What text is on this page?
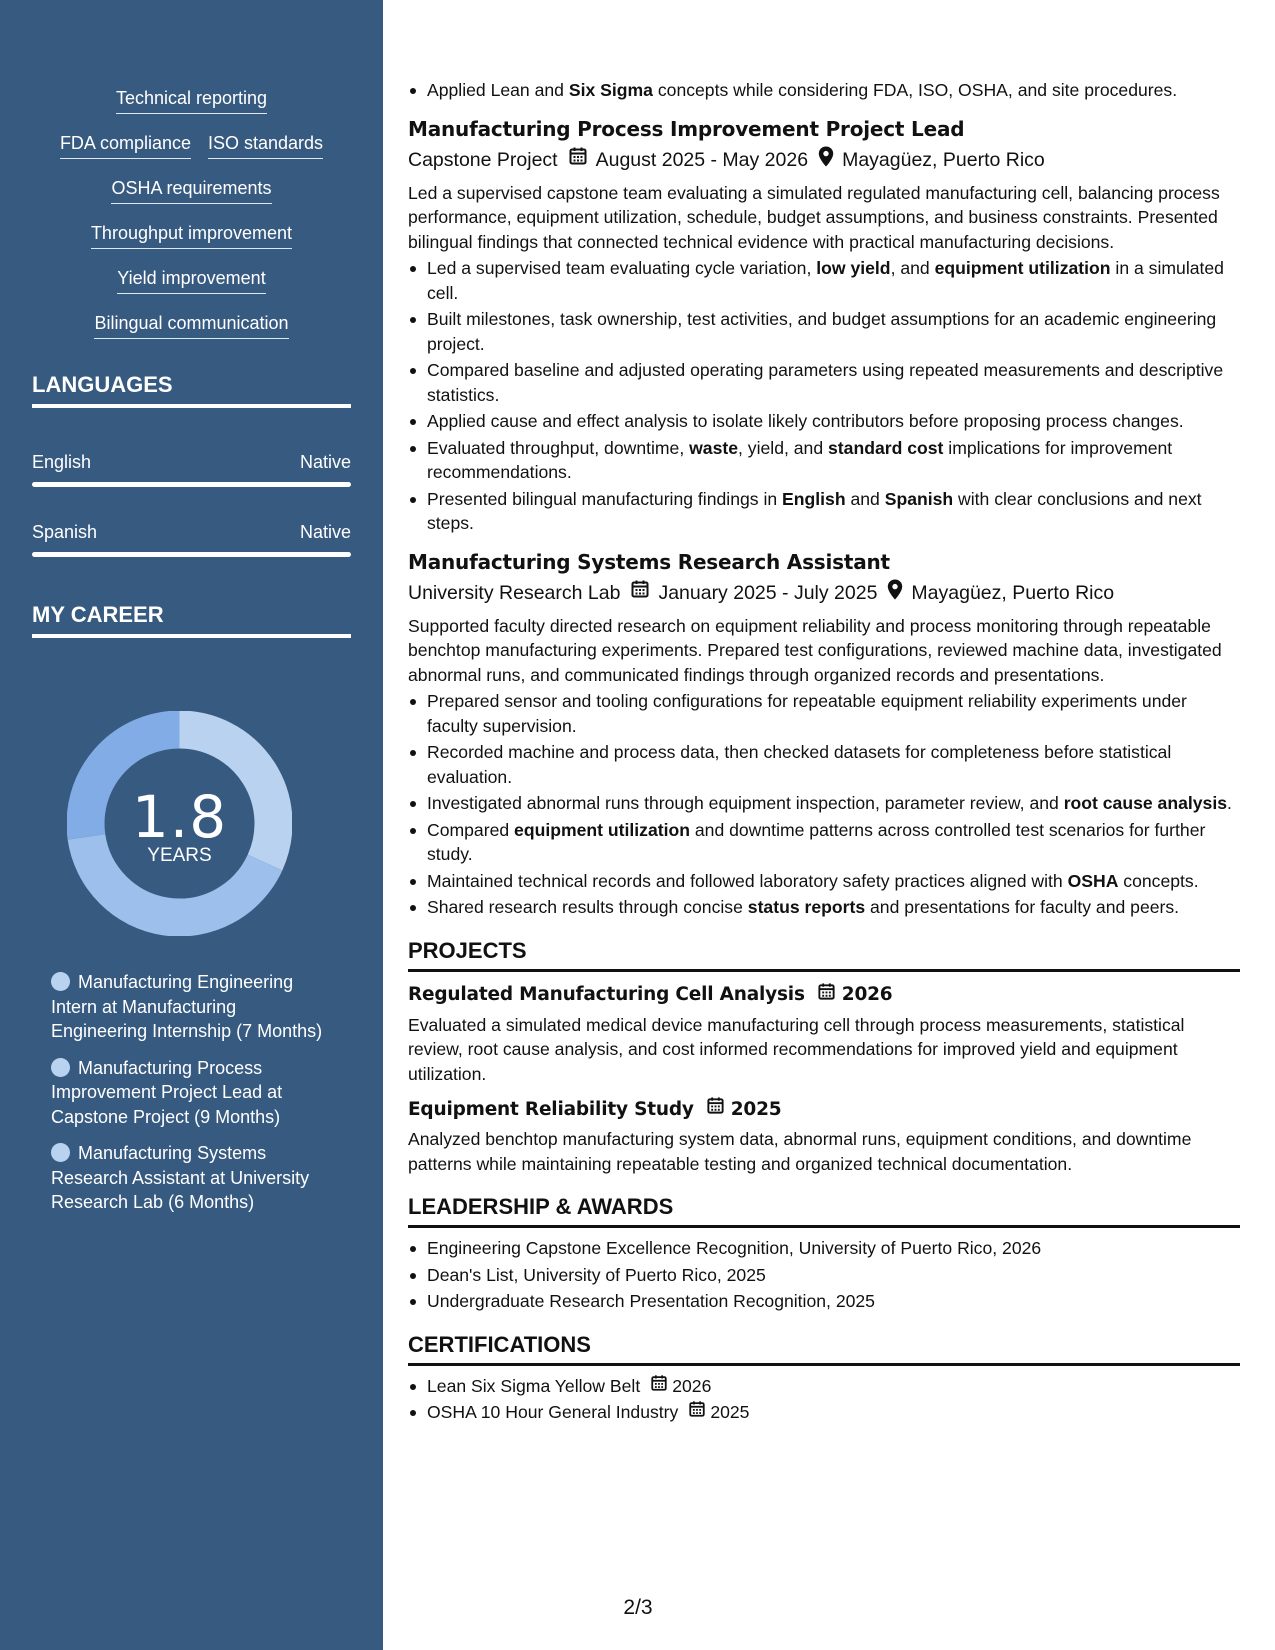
Technical reporting
FDA compliance ISO standards
OSHA requirements
Throughput improvement
Yield improvement
Bilingual communication
LANGUAGES
English	Native
Spanish	Native
MY CAREER
1.8
YEARS
Manufacturing Engineering Intern at Manufacturing Engineering Internship (7 Months)
Manufacturing Process Improvement Project Lead at Capstone Project (9 Months)
Manufacturing Systems Research Assistant at University Research Lab (6 Months)
Applied Lean and Six Sigma concepts while considering FDA, ISO, OSHA, and site procedures.
Manufacturing Process Improvement Project Lead
Capstone Project August 2025 - May 2026 Mayagüez, Puerto Rico
Led a supervised capstone team evaluating a simulated regulated manufacturing cell, balancing process performance, equipment utilization, schedule, budget assumptions, and business constraints. Presented bilingual findings that connected technical evidence with practical manufacturing decisions.
Led a supervised team evaluating cycle variation, low yield, and equipment utilization in a simulated cell.
Built milestones, task ownership, test activities, and budget assumptions for an academic engineering project.
Compared baseline and adjusted operating parameters using repeated measurements and descriptive statistics.
Applied cause and effect analysis to isolate likely contributors before proposing process changes.
Evaluated throughput, downtime, waste, yield, and standard cost implications for improvement recommendations.
Presented bilingual manufacturing findings in English and Spanish with clear conclusions and next steps.
Manufacturing Systems Research Assistant
University Research Lab January 2025 - July 2025 Mayagüez, Puerto Rico
Supported faculty directed research on equipment reliability and process monitoring through repeatable benchtop manufacturing experiments. Prepared test configurations, reviewed machine data, investigated abnormal runs, and communicated findings through organized records and presentations.
Prepared sensor and tooling configurations for repeatable equipment reliability experiments under faculty supervision.
Recorded machine and process data, then checked datasets for completeness before statistical evaluation.
Investigated abnormal runs through equipment inspection, parameter review, and root cause analysis.
Compared equipment utilization and downtime patterns across controlled test scenarios for further study.
Maintained technical records and followed laboratory safety practices aligned with OSHA concepts.
Shared research results through concise status reports and presentations for faculty and peers.
PROJECTS
Regulated Manufacturing Cell Analysis 2026
Evaluated a simulated medical device manufacturing cell through process measurements, statistical review, root cause analysis, and cost informed recommendations for improved yield and equipment utilization.
Equipment Reliability Study 2025
Analyzed benchtop manufacturing system data, abnormal runs, equipment conditions, and downtime patterns while maintaining repeatable testing and organized technical documentation.
LEADERSHIP & AWARDS
Engineering Capstone Excellence Recognition, University of Puerto Rico, 2026
Dean's List, University of Puerto Rico, 2025
Undergraduate Research Presentation Recognition, 2025
CERTIFICATIONS
Lean Six Sigma Yellow Belt 2026
OSHA 10 Hour General Industry 2025
2/3
